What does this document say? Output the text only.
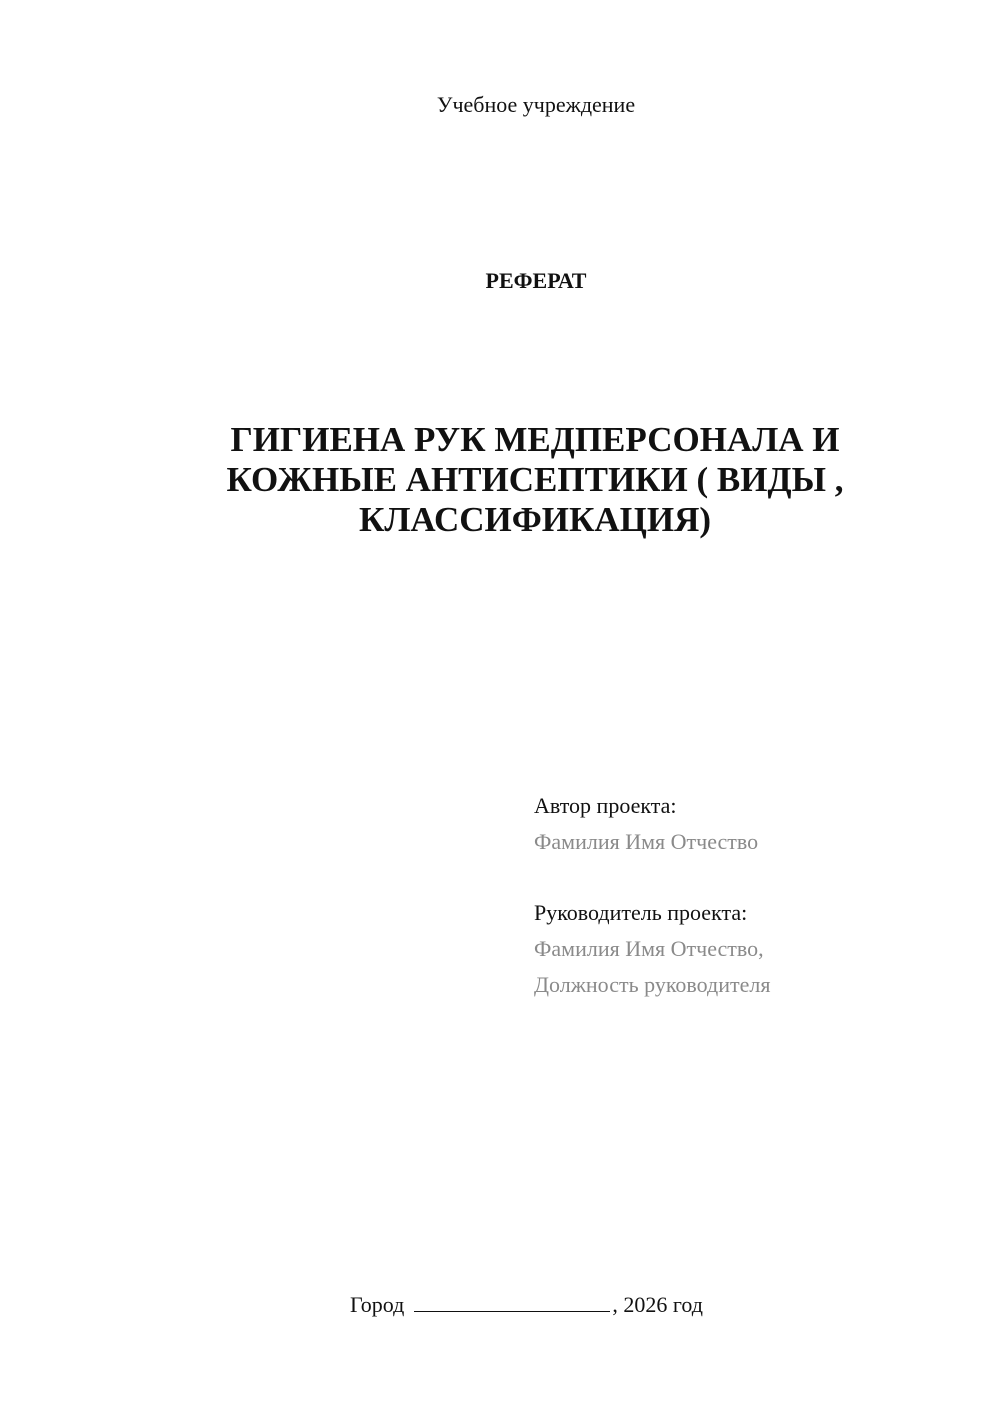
Учебное учреждение
РЕФЕРАТ
ГИГИЕНА РУК МЕДПЕРСОНАЛА И
КОЖНЫЕ АНТИСЕПТИКИ ( ВИДЫ ,
КЛАССИФИКАЦИЯ)
Автор проекта:
Фамилия Имя Отчество
Руководитель проекта:
Фамилия Имя Отчество,
Должность руководителя
Город	, 2026 год
